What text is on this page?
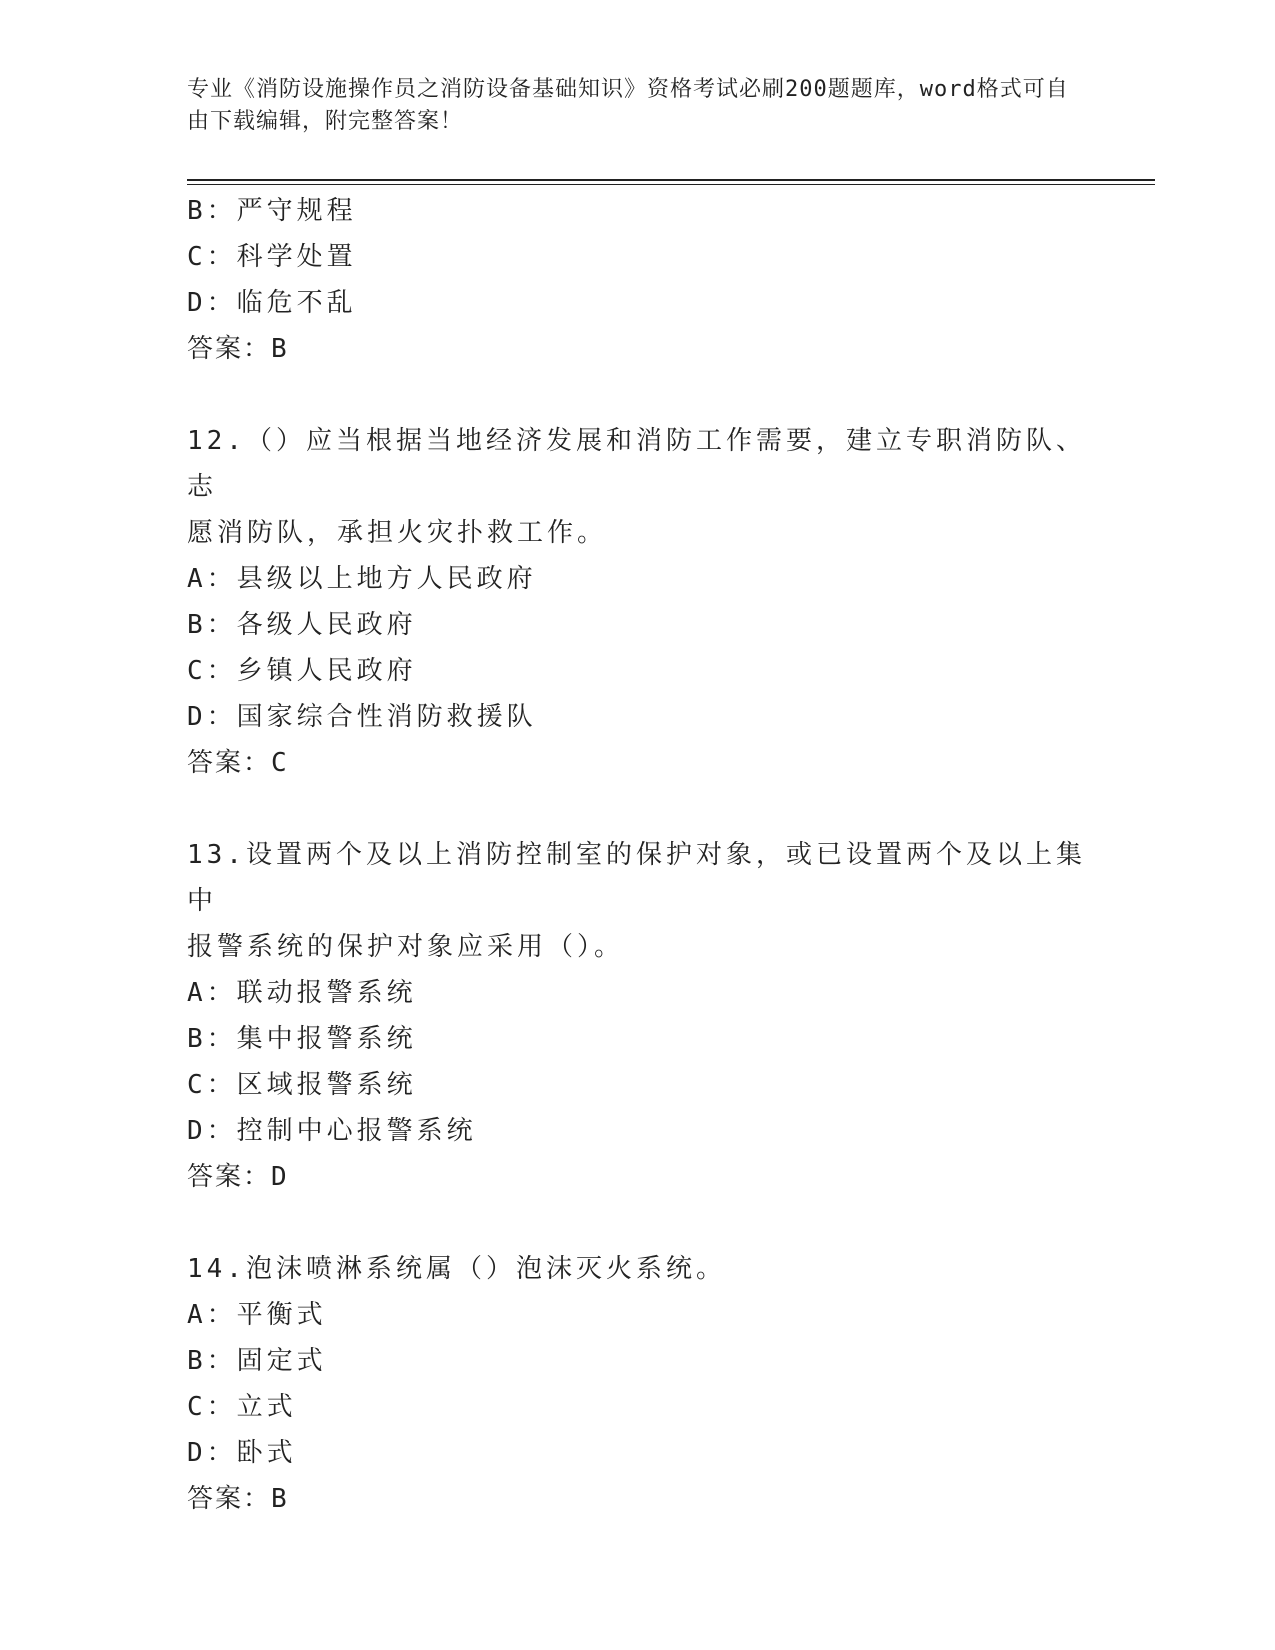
专业《消防设施操作员之消防设备基础知识》资格考试必刷200题题库，word格式可自由下载编辑，附完整答案！
B：严守规程
C：科学处置
D：临危不乱
答案：B
12.（）应当根据当地经济发展和消防工作需要，建立专职消防队、志
愿消防队，承担火灾扑救工作。
A：县级以上地方人民政府
B：各级人民政府
C：乡镇人民政府
D：国家综合性消防救援队
答案：C
13.设置两个及以上消防控制室的保护对象，或已设置两个及以上集中
报警系统的保护对象应采用（）。
A：联动报警系统
B：集中报警系统
C：区域报警系统
D：控制中心报警系统
答案：D
14.泡沫喷淋系统属（）泡沫灭火系统。
A：平衡式
B：固定式
C：立式
D：卧式
答案：B
